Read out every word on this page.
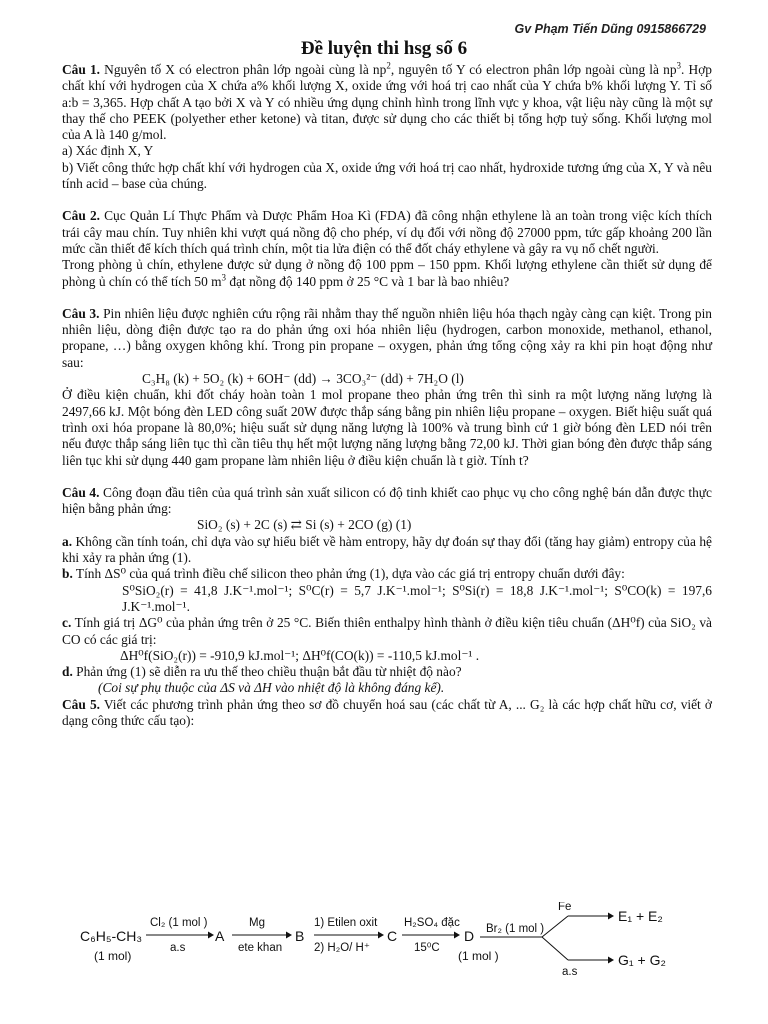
Gv Phạm Tiến Dũng 0915866729
Đề luyện thi hsg số 6

Câu 1. Nguyên tố X có electron phân lớp ngoài cùng là $np^2$, nguyên tố Y có electron phân lớp ngoài cùng là $np^3$. Hợp chất khí với hydrogen của X chứa a% khối lượng X, oxide ứng với hoá trị cao nhất của Y chứa b% khối lượng Y. Tỉ số a:b = 3,365. Hợp chất A tạo bởi X và Y có nhiều ứng dụng chỉnh hình trong lĩnh vực y khoa, vật liệu này cũng là một sự thay thế cho PEEK (polyether ether ketone) và titan, được sử dụng cho các thiết bị tổng hợp tuỷ sống. Khối lượng mol của A là 140 g/mol.

a) Xác định X, Y

b) Viết công thức hợp chất khí với hydrogen của X, oxide ứng với hoá trị cao nhất, hydroxide tương ứng của X, Y và nêu tính acid – base của chúng.

Câu 2. Cục Quản Lí Thực Phẩm và Dược Phẩm Hoa Kì (FDA) đã công nhận ethylene là an toàn trong việc kích thích trái cây mau chín. Tuy nhiên khi vượt quá nồng độ cho phép, ví dụ đối với nồng độ 27000 ppm, tức gấp khoảng 200 lần mức cần thiết để kích thích quá trình chín, một tia lửa điện có thể đốt cháy ethylene và gây ra vụ nổ chết người.

Trong phòng ủ chín, ethylene được sử dụng ở nồng độ 100 ppm – 150 ppm. Khối lượng ethylene cần thiết sử dụng để phòng ủ chín có thể tích 50 $m^3$ đạt nồng độ 140 ppm ở 25 °C và 1 bar là bao nhiêu?

Câu 3. Pin nhiên liệu được nghiên cứu rộng rãi nhằm thay thế nguồn nhiên liệu hóa thạch ngày càng cạn kiệt. Trong pin nhiên liệu, dòng điện được tạo ra do phản ứng oxi hóa nhiên liệu (hydrogen, carbon monoxide, methanol, ethanol, propane, …) bằng oxygen không khí. Trong pin propane – oxygen, phản ứng tổng cộng xảy ra khi pin hoạt động như sau:

C₃H₈ (k) + 5O₂ (k) + 6OH⁻ (dd) → 3CO₃²⁻ (dd) + 7H₂O (l)

Ở điều kiện chuẩn, khi đốt cháy hoàn toàn 1 mol propane theo phản ứng trên thì sinh ra một lượng năng lượng là 2497,66 kJ. Một bóng đèn LED công suất 20W được thắp sáng bằng pin nhiên liệu propane – oxygen. Biết hiệu suất quá trình oxi hóa propane là 80,0%; hiệu suất sử dụng năng lượng là 100% và trung bình cứ 1 giờ bóng đèn LED nói trên nếu được thắp sáng liên tục thì cần tiêu thụ hết một lượng năng lượng bằng 72,00 kJ. Thời gian bóng đèn được thắp sáng liên tục khi sử dụng 440 gam propane làm nhiên liệu ở điều kiện chuẩn là t giờ. Tính t?

Câu 4. Công đoạn đầu tiên của quá trình sản xuất silicon có độ tinh khiết cao phục vụ cho công nghệ bán dẫn được thực hiện bằng phản ứng:

SiO₂ (s) + 2C (s) ⇄ Si (s) + 2CO (g) (1)

a. Không cần tính toán, chỉ dựa vào sự hiểu biết về hàm entropy, hãy dự đoán sự thay đổi (tăng hay giảm) entropy của hệ khi xảy ra phản ứng (1).

b. Tính ΔS⁰ của quá trình điều chế silicon theo phản ứng (1), dựa vào các giá trị entropy chuẩn dưới đây:

S⁰SiO₂(r) = 41,8 J.K⁻¹.mol⁻¹; S⁰C(r) = 5,7 J.K⁻¹.mol⁻¹; S⁰Si(r) = 18,8 J.K⁻¹.mol⁻¹; S⁰CO(k) = 197,6 J.K⁻¹.mol⁻¹.

c. Tính giá trị ΔG⁰ của phản ứng trên ở 25 °C. Biến thiên enthalpy hình thành ở điều kiện tiêu chuẩn (ΔH⁰f) của SiO₂ và CO có các giá trị:

ΔH⁰f(SiO₂(r)) = -910,9 kJ.mol⁻¹; ΔH⁰f(CO(k)) = -110,5 kJ.mol⁻¹ .

d. Phản ứng (1) sẽ diễn ra ưu thế theo chiều thuận bắt đầu từ nhiệt độ nào?

(Coi sự phụ thuộc của ΔS và ΔH vào nhiệt độ là không đáng kể).

Câu 5. Viết các phương trình phản ứng theo sơ đồ chuyển hoá sau (các chất từ A, ... G₂ là các hợp chất hữu cơ, viết ở dạng công thức cấu tạo):

C₆H₅-CH₃
(1 mol)
Cl₂ (1 mol )
a.s
A
Mg
ete khan
B
1) Etilen oxit
2) H₂O/ H⁺
C
H₂SO₄ đặc
15⁰C
D
(1 mol )
Br₂ (1 mol )
Fe
E₁ + E₂
a.s
G₁ + G₂
